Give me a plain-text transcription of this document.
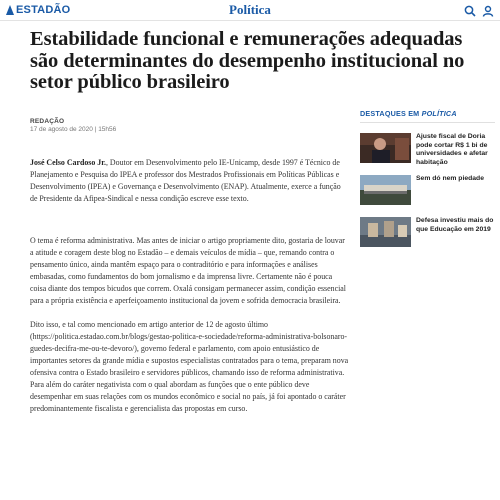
ESTADÃO	Política
Estabilidade funcional e remunerações adequadas são determinantes do desempenho institucional no setor público brasileiro
REDAÇÃO
17 de agosto de 2020 | 15h56

José Celso Cardoso Jr., Doutor em Desenvolvimento pelo IE-Unicamp, desde 1997 é Técnico de Planejamento e Pesquisa do IPEA e professor dos Mestrados Profissionais em Políticas Públicas e Desenvolvimento (IPEA) e Governança e Desenvolvimento (ENAP). Atualmente, exerce a função de Presidente da Afipea-Sindical e nessa condição escreve esse texto.

O tema é reforma administrativa. Mas antes de iniciar o artigo propriamente dito, gostaria de louvar a atitude e coragem deste blog no Estadão – e demais veículos de mídia – que, remando contra o pensamento único, ainda mantêm espaço para o contraditório e para informações e análises embasadas, como fundamentos do bom jornalismo e da imprensa livre. Certamente não é pouca coisa diante dos tempos bicudos que correm. Oxalá consigam permanecer assim, condição essencial para a própria existência e aperfeiçoamento institucional da jovem e sofrida democracia brasileira.

Dito isso, e tal como mencionado em artigo anterior de 12 de agosto último (https://politica.estadao.com.br/blogs/gestao-politica-e-sociedade/reforma-administrativa-bolsonaro-guedes-decifra-me-ou-te-devoro/), governo federal e parlamento, com apoio entusiástico de importantes setores da grande mídia e supostos especialistas contratados para o tema, preparam nova ofensiva contra o Estado brasileiro e servidores públicos, chamando isso de reforma administrativa. Para além do caráter negativista com o qual abordam as funções que o ente público deve desempenhar em suas relações com os mundos econômico e social no país, já foi apontado o caráter predominantemente fiscalista e gerencialista das propostas em curso.

DESTAQUES EM POLÍTICA
Ajuste fiscal de Doria pode cortar R$ 1 bi de universidades e afetar habitação
Sem dó nem piedade
Defesa investiu mais do que Educação em 2019
